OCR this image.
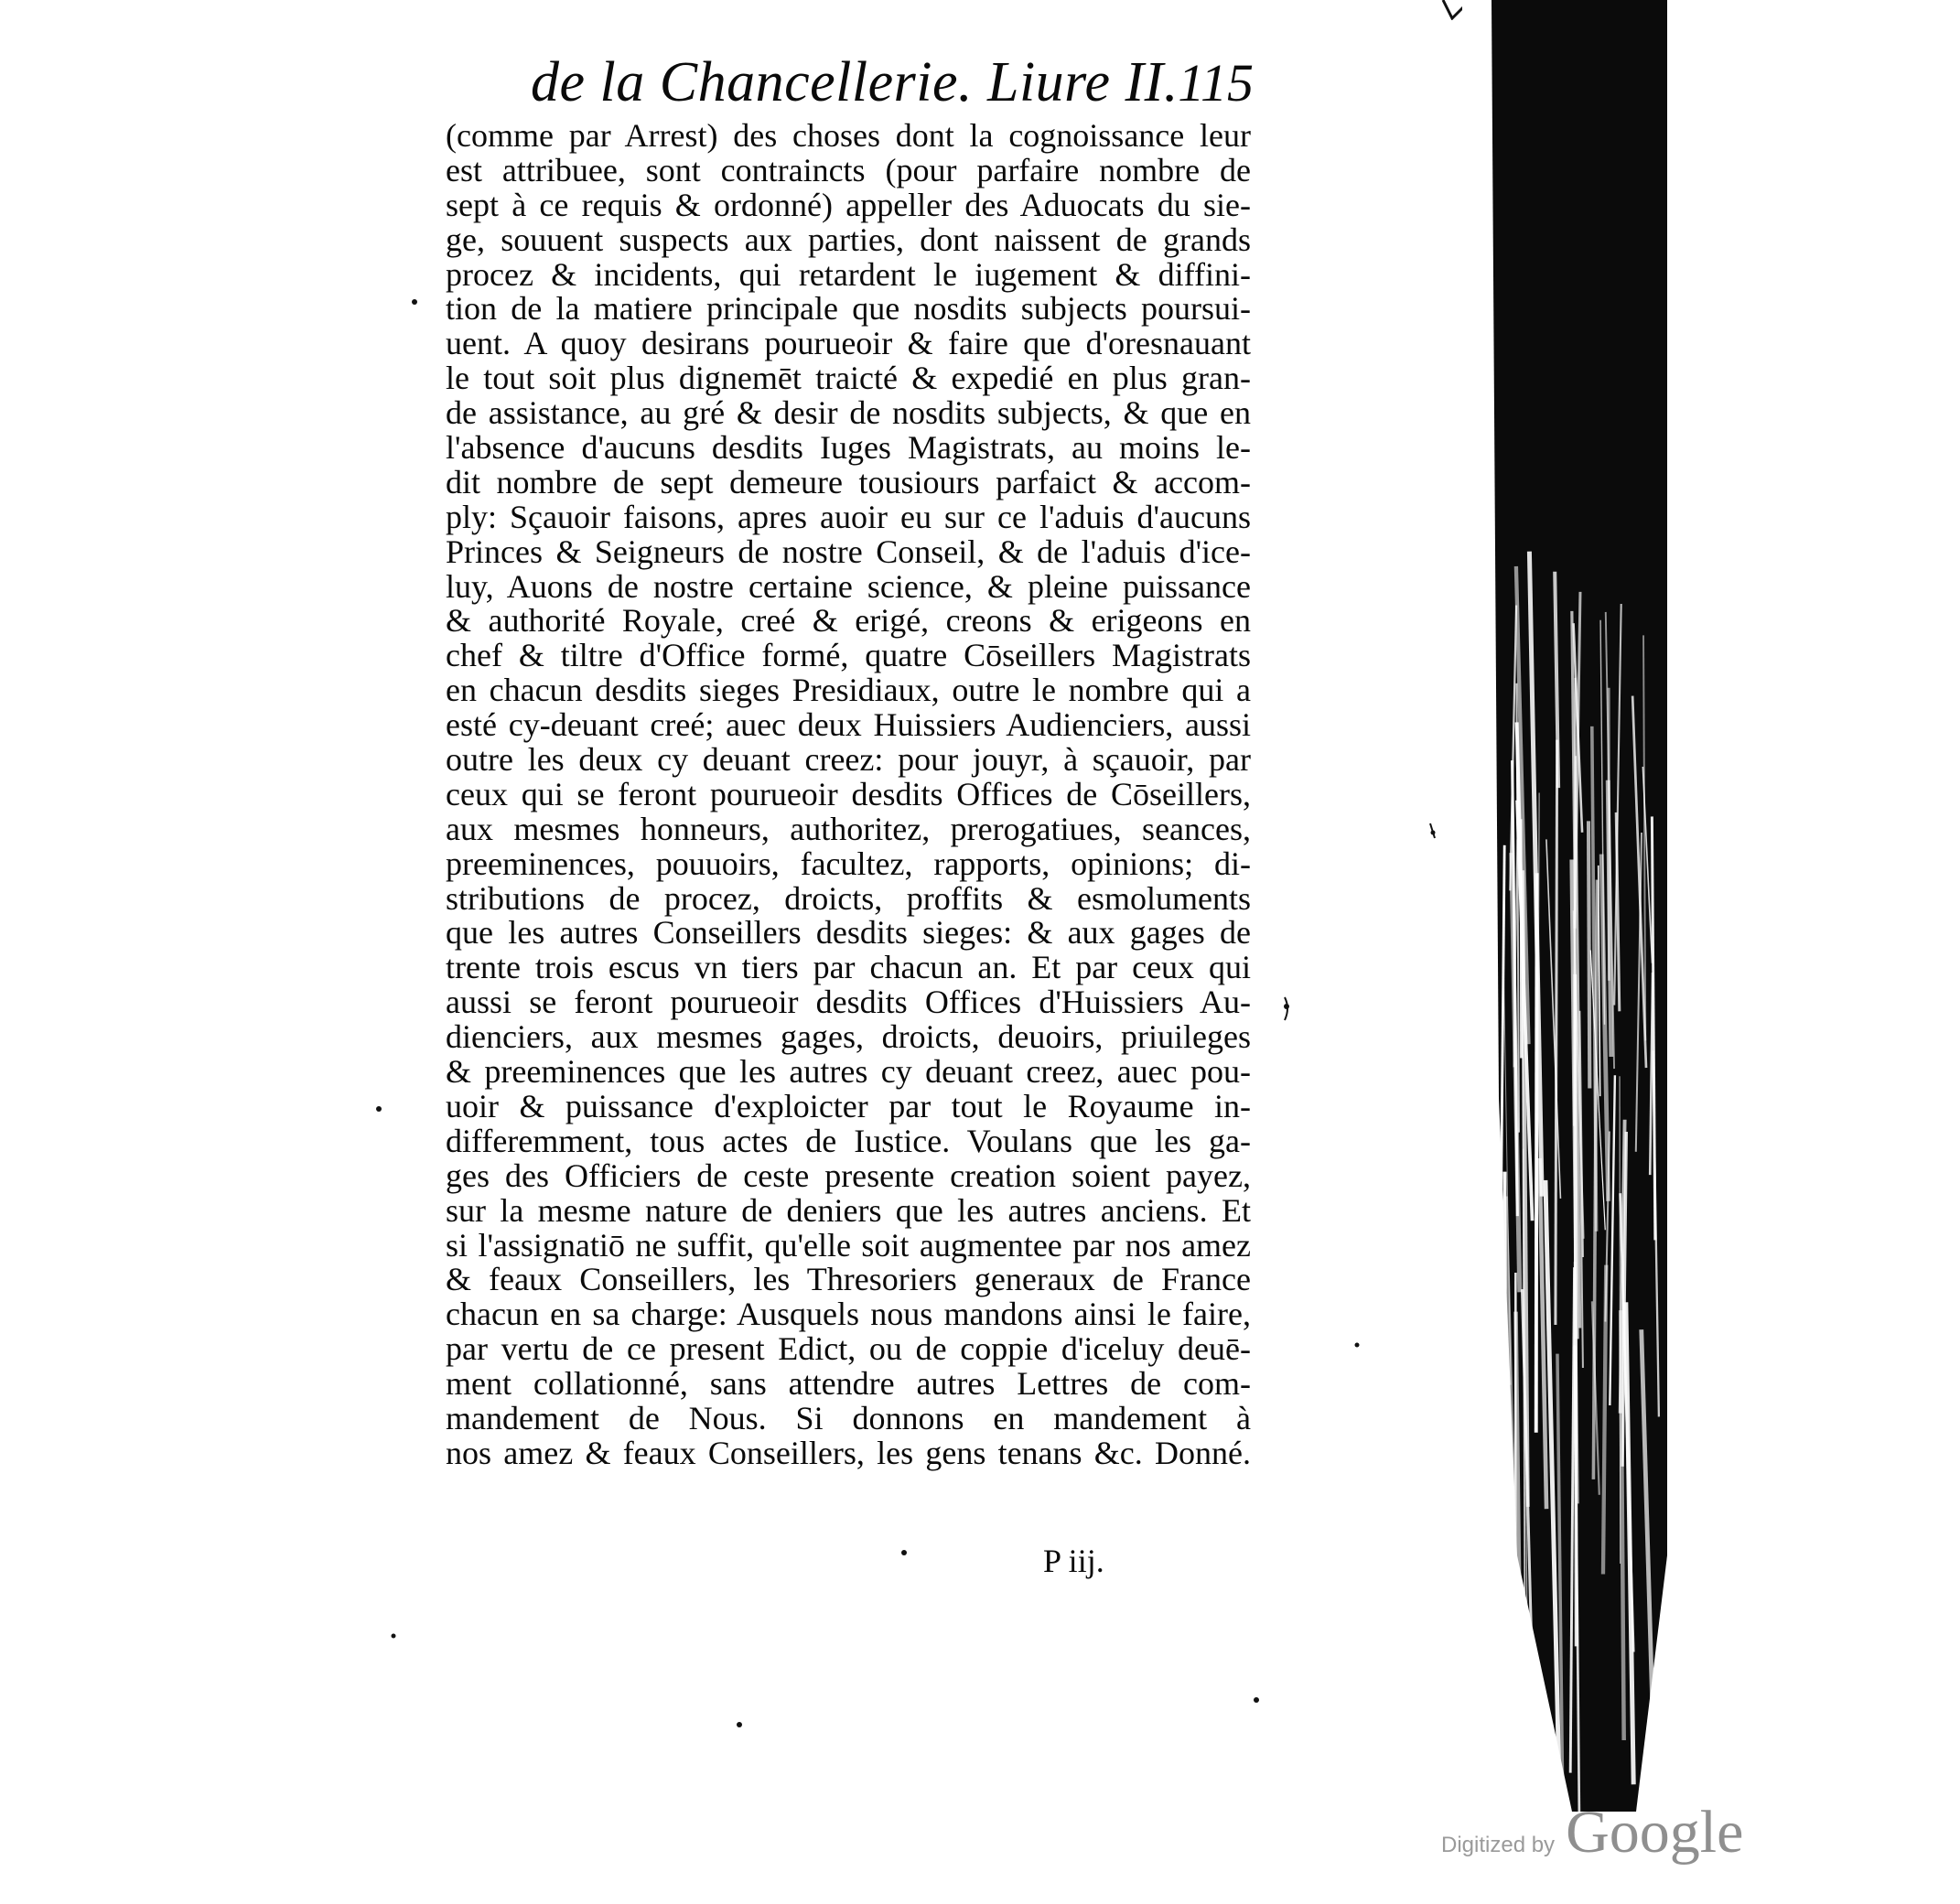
de la Chancellerie. Liure II. 115
(comme par Arrest) des choses dont la cognoissance leur
est attribuee, sont contraincts (pour parfaire nombre de
sept à ce requis & ordonné) appeller des Aduocats du sie-
ge, souuent suspects aux parties, dont naissent de grands
procez & incidents, qui retardent le iugement & diffini-
tion de la matiere principale que nosdits subjects poursui-
uent. A quoy desirans pourueoir & faire que d'oresnauant
le tout soit plus dignemēt traicté & expedié en plus gran-
de assistance, au gré & desir de nosdits subjects, & que en
l'absence d'aucuns desdits Iuges Magistrats, au moins le-
dit nombre de sept demeure tousiours parfaict & accom-
ply: Sçauoir faisons, apres auoir eu sur ce l'aduis d'aucuns
Princes & Seigneurs de nostre Conseil, & de l'aduis d'ice-
luy, Auons de nostre certaine science, & pleine puissance
& authorité Royale, creé & erigé, creons & erigeons en
chef & tiltre d'Office formé, quatre Cōseillers Magistrats
en chacun desdits sieges Presidiaux, outre le nombre qui a
esté cy-deuant creé; auec deux Huissiers Audienciers, aussi
outre les deux cy deuant creez: pour jouyr, à sçauoir, par
ceux qui se feront pourueoir desdits Offices de Cōseillers,
aux mesmes honneurs, authoritez, prerogatiues, seances,
preeminences, pouuoirs, facultez, rapports, opinions; di-
stributions de procez, droicts, proffits & esmoluments
que les autres Conseillers desdits sieges: & aux gages de
trente trois escus vn tiers par chacun an. Et par ceux qui
aussi se feront pourueoir desdits Offices d'Huissiers Au-
dienciers, aux mesmes gages, droicts, deuoirs, priuileges
& preeminences que les autres cy deuant creez, auec pou-
uoir & puissance d'exploicter par tout le Royaume in-
differemment, tous actes de Iustice. Voulans que les ga-
ges des Officiers de ceste presente creation soient payez,
sur la mesme nature de deniers que les autres anciens. Et
si l'assignatiō ne suffit, qu'elle soit augmentee par nos amez
& feaux Conseillers, les Thresoriers generaux de France
chacun en sa charge: Ausquels nous mandons ainsi le faire,
par vertu de ce present Edict, ou de coppie d'iceluy deuē-
ment collationné, sans attendre autres Lettres de com-
mandement de Nous. Si donnons en mandement à
nos amez & feaux Conseillers, les gens tenans &c. Donné.
P iij.
Digitized by Google
